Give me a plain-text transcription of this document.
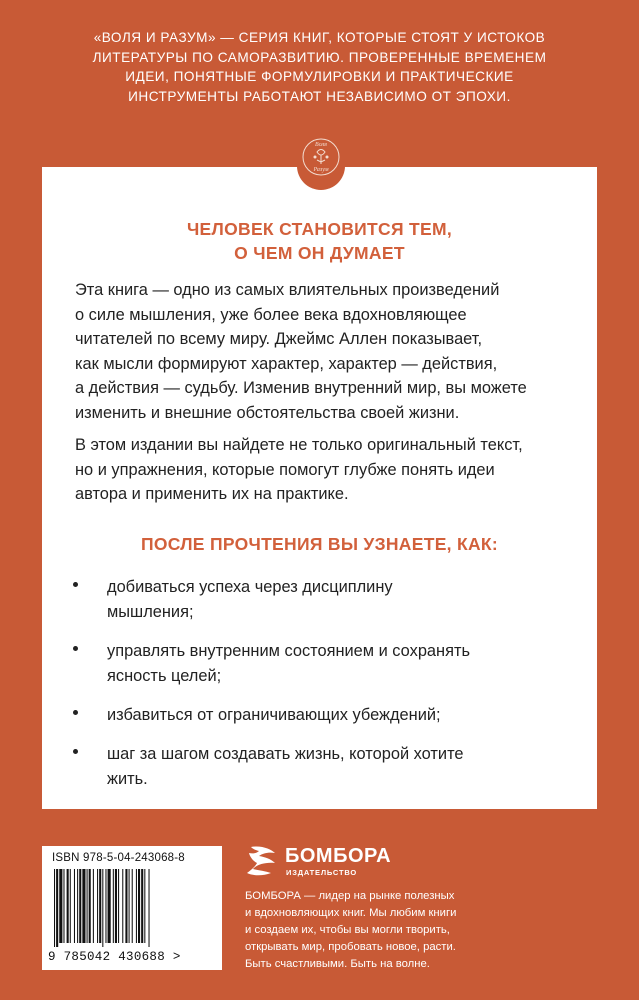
«ВОЛЯ И РАЗУМ» — СЕРИЯ КНИГ, КОТОРЫЕ СТОЯТ У ИСТОКОВ
ЛИТЕРАТУРЫ ПО САМОРАЗВИТИЮ. ПРОВЕРЕННЫЕ ВРЕМЕНЕМ
ИДЕИ, ПОНЯТНЫЕ ФОРМУЛИРОВКИ И ПРАКТИЧЕСКИЕ
ИНСТРУМЕНТЫ РАБОТАЮТ НЕЗАВИСИМО ОТ ЭПОХИ.
Воля
Разум
ЧЕЛОВЕК СТАНОВИТСЯ ТЕМ,
О ЧЕМ ОН ДУМАЕТ
Эта книга — одно из самых влиятельных произведений
о силе мышления, уже более века вдохновляющее
читателей по всему миру. Джеймс Аллен показывает,
как мысли формируют характер, характер — действия,
а действия — судьбу. Изменив внутренний мир, вы можете
изменить и внешние обстоятельства своей жизни.
В этом издании вы найдете не только оригинальный текст,
но и упражнения, которые помогут глубже понять идеи
автора и применить их на практике.
ПОСЛЕ ПРОЧТЕНИЯ ВЫ УЗНАЕТЕ, КАК:
добиваться успеха через дисциплину
мышления;
управлять внутренним состоянием и сохранять
ясность целей;
избавиться от ограничивающих убеждений;
шаг за шагом создавать жизнь, которой хотите
жить.
ISBN 978-5-04-243068-8
9 785042 430688 >
БОМБОРА
ИЗДАТЕЛЬСТВО
БОМБОРА — лидер на рынке полезных
и вдохновляющих книг. Мы любим книги
и создаем их, чтобы вы могли творить,
открывать мир, пробовать новое, расти.
Быть счастливыми. Быть на волне.
